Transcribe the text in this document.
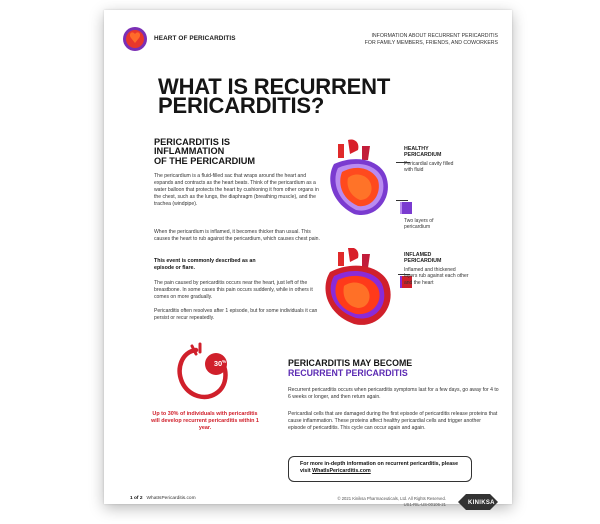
HEART OF PERICARDITIS	INFORMATION ABOUT RECURRENT PERICARDITIS
FOR FAMILY MEMBERS, FRIENDS, AND COWORKERS
WHAT IS RECURRENT
PERICARDITIS?
PERICARDITIS IS
INFLAMMATION
OF THE PERICARDIUM
The pericardium is a fluid-filled sac that wraps around the heart and expands and contracts as the heart beats. Think of the pericardium as a water balloon that protects the heart by cushioning it from other organs in the chest, such as the lungs, the diaphragm (breathing muscle), and the trachea (windpipe).
When the pericardium is inflamed, it becomes thicker than usual. This causes the heart to rub against the pericardium, which causes chest pain.
This event is commonly described as an episode or flare.
The pain caused by pericarditis occurs near the heart, just left of the breastbone. In some cases this pain occurs suddenly, while in others it comes on more gradually.
Pericarditis often resolves after 1 episode, but for some individuals it can persist or recur repeatedly.
HEALTHY
PERICARDIUM
Pericardial cavity filled with fluid
Two layers of pericardium
INFLAMED
PERICARDIUM
Inflamed and thickened layers rub against each other and the heart
30%
Up to 30% of individuals with pericarditis will develop recurrent pericarditis within 1 year.
PERICARDITIS MAY BECOME
RECURRENT PERICARDITIS
Recurrent pericarditis occurs when pericarditis symptoms last for a few days, go away for 4 to 6 weeks or longer, and then return again.
Pericardial cells that are damaged during the first episode of pericarditis release proteins that cause inflammation. These proteins affect healthy pericardial cells and trigger another episode of pericarditis. This cycle can occur again and again.
For more in-depth information on recurrent pericarditis, please visit WhatIsPericarditis.com
1 of 2 WhatIsPericarditis.com	© 2021 Kiniksa Pharmaceuticals, Ltd. All Rights Reserved.
US1-RIL-US-00106-21	KINIKSA
